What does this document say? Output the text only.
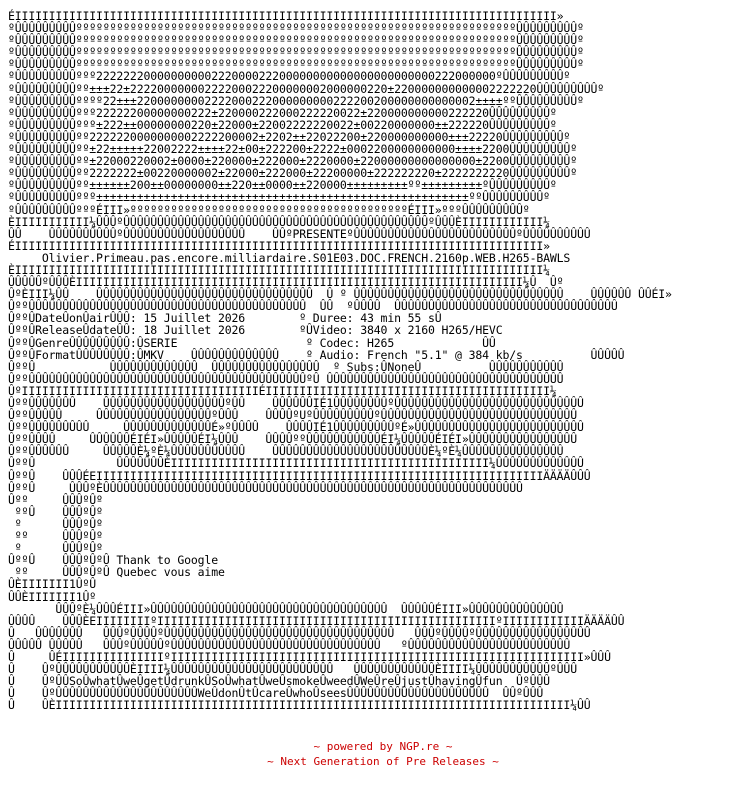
ÉIIIIIIIIIIIIIIIIIIIIIIIIIIIIIIIIIIIIIIIIIIIIIIIIIIIIIIIIIIIIIIIIIIIIIIIIIIIIIIII»
ºÛÛÛÛÛÛÛÛÛºººººººººººººººººººººººººººººººººººººººººººººººººººººººººººººººººÛÛÛÛÛÛÛÛÛº
ºÛÛÛÛÛÛÛÛÛºººººººººººººººººººººººººººººººººººººººººººººººººººººººººººººººººÛÛÛÛÛÛÛÛÛº
ºÛÛÛÛÛÛÛÛÛºººººººººººººººººººººººººººººººººººººººººººººººººººººººººººººººººÛÛÛÛÛÛÛÛÛº
ºÛÛÛÛÛÛÛÛÛºººººººººººººººººººººººººººººººººººººººººººººººººººººººººººººººººÛÛÛÛÛÛÛÛÛº
ºÛÛÛÛÛÛÛÛÛººº22222220000000000222000022200000000000000000000000222000000ºÛÛÛÛÛÛÛÛÛº
ºÛÛÛÛÛÛÛÛÛºº±±±22±22220000000222200022200000002000000220±220000000000002222220ÛÛÛÛÛÛÛÛÛº
ºÛÛÛÛÛÛÛÛÛºººº22±±±22000000002222000222000000000222200200000000000002±±±±ººÛÛÛÛÛÛÛÛÛº
ºÛÛÛÛÛÛÛÛÛººº22222200000000222±220000222000222220022±220000000000222220ÛÛÛÛÛÛÛÛÛº
ºÛÛÛÛÛÛÛÛÛººº±222±±00000000220±22000±22002222220022±00220000000±±222220ÛÛÛÛÛÛÛÛÛº
ºÛÛÛÛÛÛÛÛÛºº2222220000000002222200002±2202±±22022200±220000000000±±±22220ÛÛÛÛÛÛÛÛÛº
ºÛÛÛÛÛÛÛÛÛºº±22±±±±±22002222±±±±22±00±222200±2222±0002200000000000±±±±2200ÛÛÛÛÛÛÛÛÛº
ºÛÛÛÛÛÛÛÛÛºº±22000220002±0000±220000±222000±2220000±22000000000000000±2200ÛÛÛÛÛÛÛÛÛº
ºÛÛÛÛÛÛÛÛÛºº2222222±00220000002±22000±222000±22200000±222222220±2222222220ÛÛÛÛÛÛÛÛÛº
ºÛÛÛÛÛÛÛÛÛºº±±±±±±200±±00000000±±220±±0000±±220000±±±±±±±±±ºº±±±±±±±±±ºÛÛÛÛÛÛÛÛÛº
ºÛÛÛÛÛÛÛÛÛººº±±±±±±±±±±±±±±±±±±±±±±±±±±±±±±±±±±±±±±±±±±±±±±±±±±±±±±±ººÛÛÛÛÛÛÛÛÛº
ºÛÛÛÛÛÛÛÛÛºººÉIII»ºººººººººººººººººººººººººººººººººººººººººÉIII»ºººÛÛÛÛÛÛÛÛÛº
ÈIIIIIIIIIII¼ÛÛÛºÛÛÛÛÛÛÛÛÛÛÛÛÛÛÛÛÛÛÛÛÛÛÛÛÛÛÛÛÛÛÛÛÛÛÛÛÛÛÛÛÛÛÛÛÛºÛÛÛÈIIIIIIIIIIII¼
ÛÛ    ÛÛÛÛÛÛÛÛÛÛºÛÛÛÛÛÛÛÛÛÛÛÛÛÛÛÛÛÛ    ÛÛºPRESENTEºÛÛÛÛÛÛÛÛÛÛÛÛÛÛÛÛÛÛÛÛÛÛÛÛºÛÛÛÛÛÛÛÛÛÛ
ÉIIIIIIIIIIIIIIIIIIIIIIIIIIIIIIIIIIIIIIIIIIIIIIIIIIIIIIIIIIIIIIIIIIIIIIIIIIIIII»
Olivier.Primeau.pas.encore.milliardaire.S01E03.DOC.FRENCH.2160p.WEB.H265-BAWLS
ÈIIIIIIIIIIIIIIIIIIIIIIIIIIIIIIIIIIIIIIIIIIIIIIIIIIIIIIIIIIIIIIIIIIIIIIIIIIIIII¼
ÛÛÛÛÛºÛÛÛÈIIIIIIIIIIIIIIIIIIIIIIIIIIIIIIIIIIIIIIIIIIIIIIIIIIIIIIIIIIIIIIIIII¼Û  Ûº
ÛºÈIII¼ÛÛ    ÛÛÛÛÛÛÛÛÛÛÛÛÛÛÛÛÛÛÛÛÛÛÛÛÛÛÛÛÛÛÛÛ  Û º ÛÛÛÛÛÛÛÛÛÛÛÛÛÛÛÛÛÛÛÛÛÛÛÛÛÛÛÛÛÛÛ    ÛÛÛÛÛÛ ÛÛÉI»
ÛººÛÛÛÛÛÛÛÛÛÛÛÛÛÛÛÛÛÛÛÛÛÛÛÛÛÛÛÛÛÛÛÛÛÛÛÛÛÛÛÛÛ  ÛÛ  ºÛÛÛÛ  ÛÛÛÛÛÛÛÛÛÛÛÛÛÛÛÛÛÛÛÛÛÛÛÛÛÛÛÛÛÛÛÛÛ
ÛººÛDateÛonÛairÛÛÛ: 15 Juillet 2026        º Duree: 43 min 55 sÛ
ÛººÛReleaseÛdateÛÛ: 18 Juillet 2026        ºÛVideo: 3840 x 2160 H265/HEVC
ÛººÛGenreÛÛÛÛÛÛÛÛÛ:ÛSERIE                   º Codec: H265             ÛÛ
ÛººÛFormatÛÛÛÛÛÛÛÛ:ÛMKV    ÛÛÛÛÛÛÛÛÛÛÛÛÛ    º Audio: French "5.1" @ 384 kb/s          ÛÛÛÛÛ
ÛººÛ           ÛÛÛÛÛÛÛÛÛÛÛÛÛ  ÛÛÛÛÛÛÛÛÛÛÛÛÛÛÛÛ  º Subs:ÛNoneÛ          ÛÛÛÛÛÛÛÛÛÛÛ
ÛººÛÛÛÛÛÛÛÛÛÛÛÛÛÛÛÛÛÛÛÛÛÛÛÛÛÛÛÛÛÛÛÛÛÛÛÛÛÛÛÛÛºÛ ÛÛÛÛÛÛÛÛÛÛÛÛÛÛÛÛÛÛÛÛÛÛÛÛÛÛÛÛÛÛÛÛÛÛÛ
ÛºIIIIIIIIIIIIIIIIIIIIIIIIIIIIIIIIIIIÉIIIIIIIIIIIIIIIIIIIIIIIIIIIIIIIIIIIIIIIIII¼
ÛººÛÛÛÛÛÛÛ    ÛÛÛÛÛÛÛÛÛÛÛÛÛÛÛÛÛÛºÛÛ    ÛÛÛÛÛÛIÉ1ÛÛÛÛÛÛÛÛºÛÛÛÛÛÛÛÛÛÛÛÛÛÛÛÛÛÛÛÛÛÛÛÛÛÛÛÛ
ÛººÛÛÛÛÛ     ÛÛÛÛÛÛÛÛÛÛÛÛÛÛÛÛÛºÛÛÛ    ÛÛÛÛºUºÛÛÛÛÛÛÛÛÛºÛÛÛÛÛÛÛÛÛÛÛÛÛÛÛÛÛÛÛÛÛÛÛÛÛÛÛÛÛ
ÛººÛÛÛÛÛÛÛÛÛ     ÛÛÛÛÛÛÛÛÛÛÛÛÛÉ»ºÛÛÛÛ    ÛÛÛÛIÉ1ÛÛÛÛÛÛÛÛÛºÉ»ÛÛÛÛÛÛÛÛÛÛÛÛÛÛÛÛÛÛÛÛÛÛÛÛÛ
ÛººÛÛÛÛ     ÛÛÛÛÛÛÉIÉI»ÛÛÛÛÛÉI¼ÛÛÛ    ÛÛÛÛººÛÛÛÛÛÛÛÛÛÛÛÉI¼ÛÛÛÛÛÉIÉI»ÛÛÛÛÛÛÛÛÛÛÛÛÛÛÛÛ
ÛººÛÛÛÛÛÛ     ÛÛÛÛÛÈ¼ºÈ¼ÛÛÛÛÛÛÛÛÛÛÛ    ÛÛÛÛÛÛÛÛÛÛÛÛÛÛÛÛÛÛÛÛÛÛÛÈ¼ºÈ¼ÛÛÛÛÛÛÛÛÛÛÛÛÛÛÛ
ÛººÛ            ÛÛÛÛÛÛÛÈIIIIIIIIIIIIIIIIIIIIIIIIIIIIIIIIIIIIIIIIIIIIIII¼ÛÛÛÛÛÛÛÛÛÛÛÛÛ
ÛººÛ    ÛÛÛÉEIIIIIIIIIIIIIIIIIIIIIIIIIIIIIIIIIIIIIIIIIIIIIIIIIIIIIIIIIIIIIIIIIIÄÄÄÄÛÛÛ
ÛººÛ     ÛÛÛºÈÛÛÛÛÛÛÛÛÛÛÛÛÛÛÛÛÛÛÛÛÛÛÛÛÛÛÛÛÛÛÛÛÛÛÛÛÛÛÛÛÛÛÛÛÛÛÛÛÛÛÛÛÛÛÛÛÛÛÛÛÛÛ
Ûºº     ÛÛÛºÛº
ººÛ    ÛÛÛºÛº
º      ÛÛÛºÛº
ºº     ÛÛÛºÛº
º      ÛÛÛºÛº
ÛººÛ    ÛÛÛºÛºÛ Thank to Google
ºº     ÛÛÛºÛºÛ Quebec vous aime
ÛÈIIIIIII1ÛºÛ
ÛÛÈIIIIIII1Ûº
ÛÛÛºÈ¼ÛÛÛÉIII»ÛÛÛÛÛÛÛÛÛÛÛÛÛÛÛÛÛÛÛÛÛÛÛÛÛÛÛÛÛÛÛÛÛÛÛ  ÛÛÛÛÛÉIII»ÛÛÛÛÛÛÛÛÛÛÛÛÛÛ
ÛÛÛÛ    ÛÛÛÈEIIIIIIIIºIIIIIIIIIIIIIIIIIIIIIIIIIIIIIIIIIIIIIIIIIIIIIIIIIIºIIIIIIIIIIIIÄÄÄÄÛÛ
Û   ÛÛÛÛÛÛÛ   ÛÛÛºÛÛÛÛºÛÛÛÛÛÛÛÛÛÛÛÛÛÛÛÛÛÛÛÛÛÛÛÛÛÛÛÛÛÛÛÛÛÛ   ÛÛÛºÛÛÛÛºÛÛÛÛÛÛÛÛÛÛÛÛÛÛÛÛÛ
ÛÛÛÛÛ ÛÛÛÛÛ   ÛÛÛºÛÛÛÛÛºÛÛÛÛÛÛÛÛÛÛÛÛÛÛÛÛÛÛÛÛÛÛÛÛÛÛÛÛÛÛÛ   ºÛÛÛÛÛÛÛÛÛÛÛÛÛÛÛÛÛÛÛÛÛÛÛÛ
Û     ÛÉIIIIIIIIIIIIIIIºIIIIIIIIIIIIIIIIIIIIIIIIIIIIIIIIIIIIIIIIIIIIIIIIIIIIIIIIIIIII»ÛÛÛ
Û    ÛºÛÛÛÛÛÛÛÛÛÛÛÈIIII¼ÛÛÛÛÛÛÛÛÛÛÛÛÛÛÛÛÛÛÛÛÛÛÛÛ   ÛÛÛÛÛÛÛÛÛÛÛÛÈIIII¼ÛÛÛÛÛÛÛÛÛÛÛºÛÛÛ
Û    ÛºÛÛSoÛwhatÛweÛgetÛdrunkÛSoÛwhatÛweÛsmokeÛweedÛWeÛreÛjustÛhavingÛfun  ÛºÛÛÛ
Û    ÛºÛÛÛÛÛÛÛÛÛÛÛÛÛÛÛÛÛÛÛÛÛWeÛdonÛtÛcareÛwhoÛseesÛÛÛÛÛÛÛÛÛÛÛÛÛÛÛÛÛÛÛÛÛ  ÛÛºÛÛÛ
Û    ÛÈIIIIIIIIIIIIIIIIIIIIIIIIIIIIIIIIIIIIIIIIIIIIIIIIIIIIIIIIIIIIIIIIIIIIIIIIIIII¼ÛÛ
~ powered by NGP.re ~
~ Next Generation of Pre Releases ~
